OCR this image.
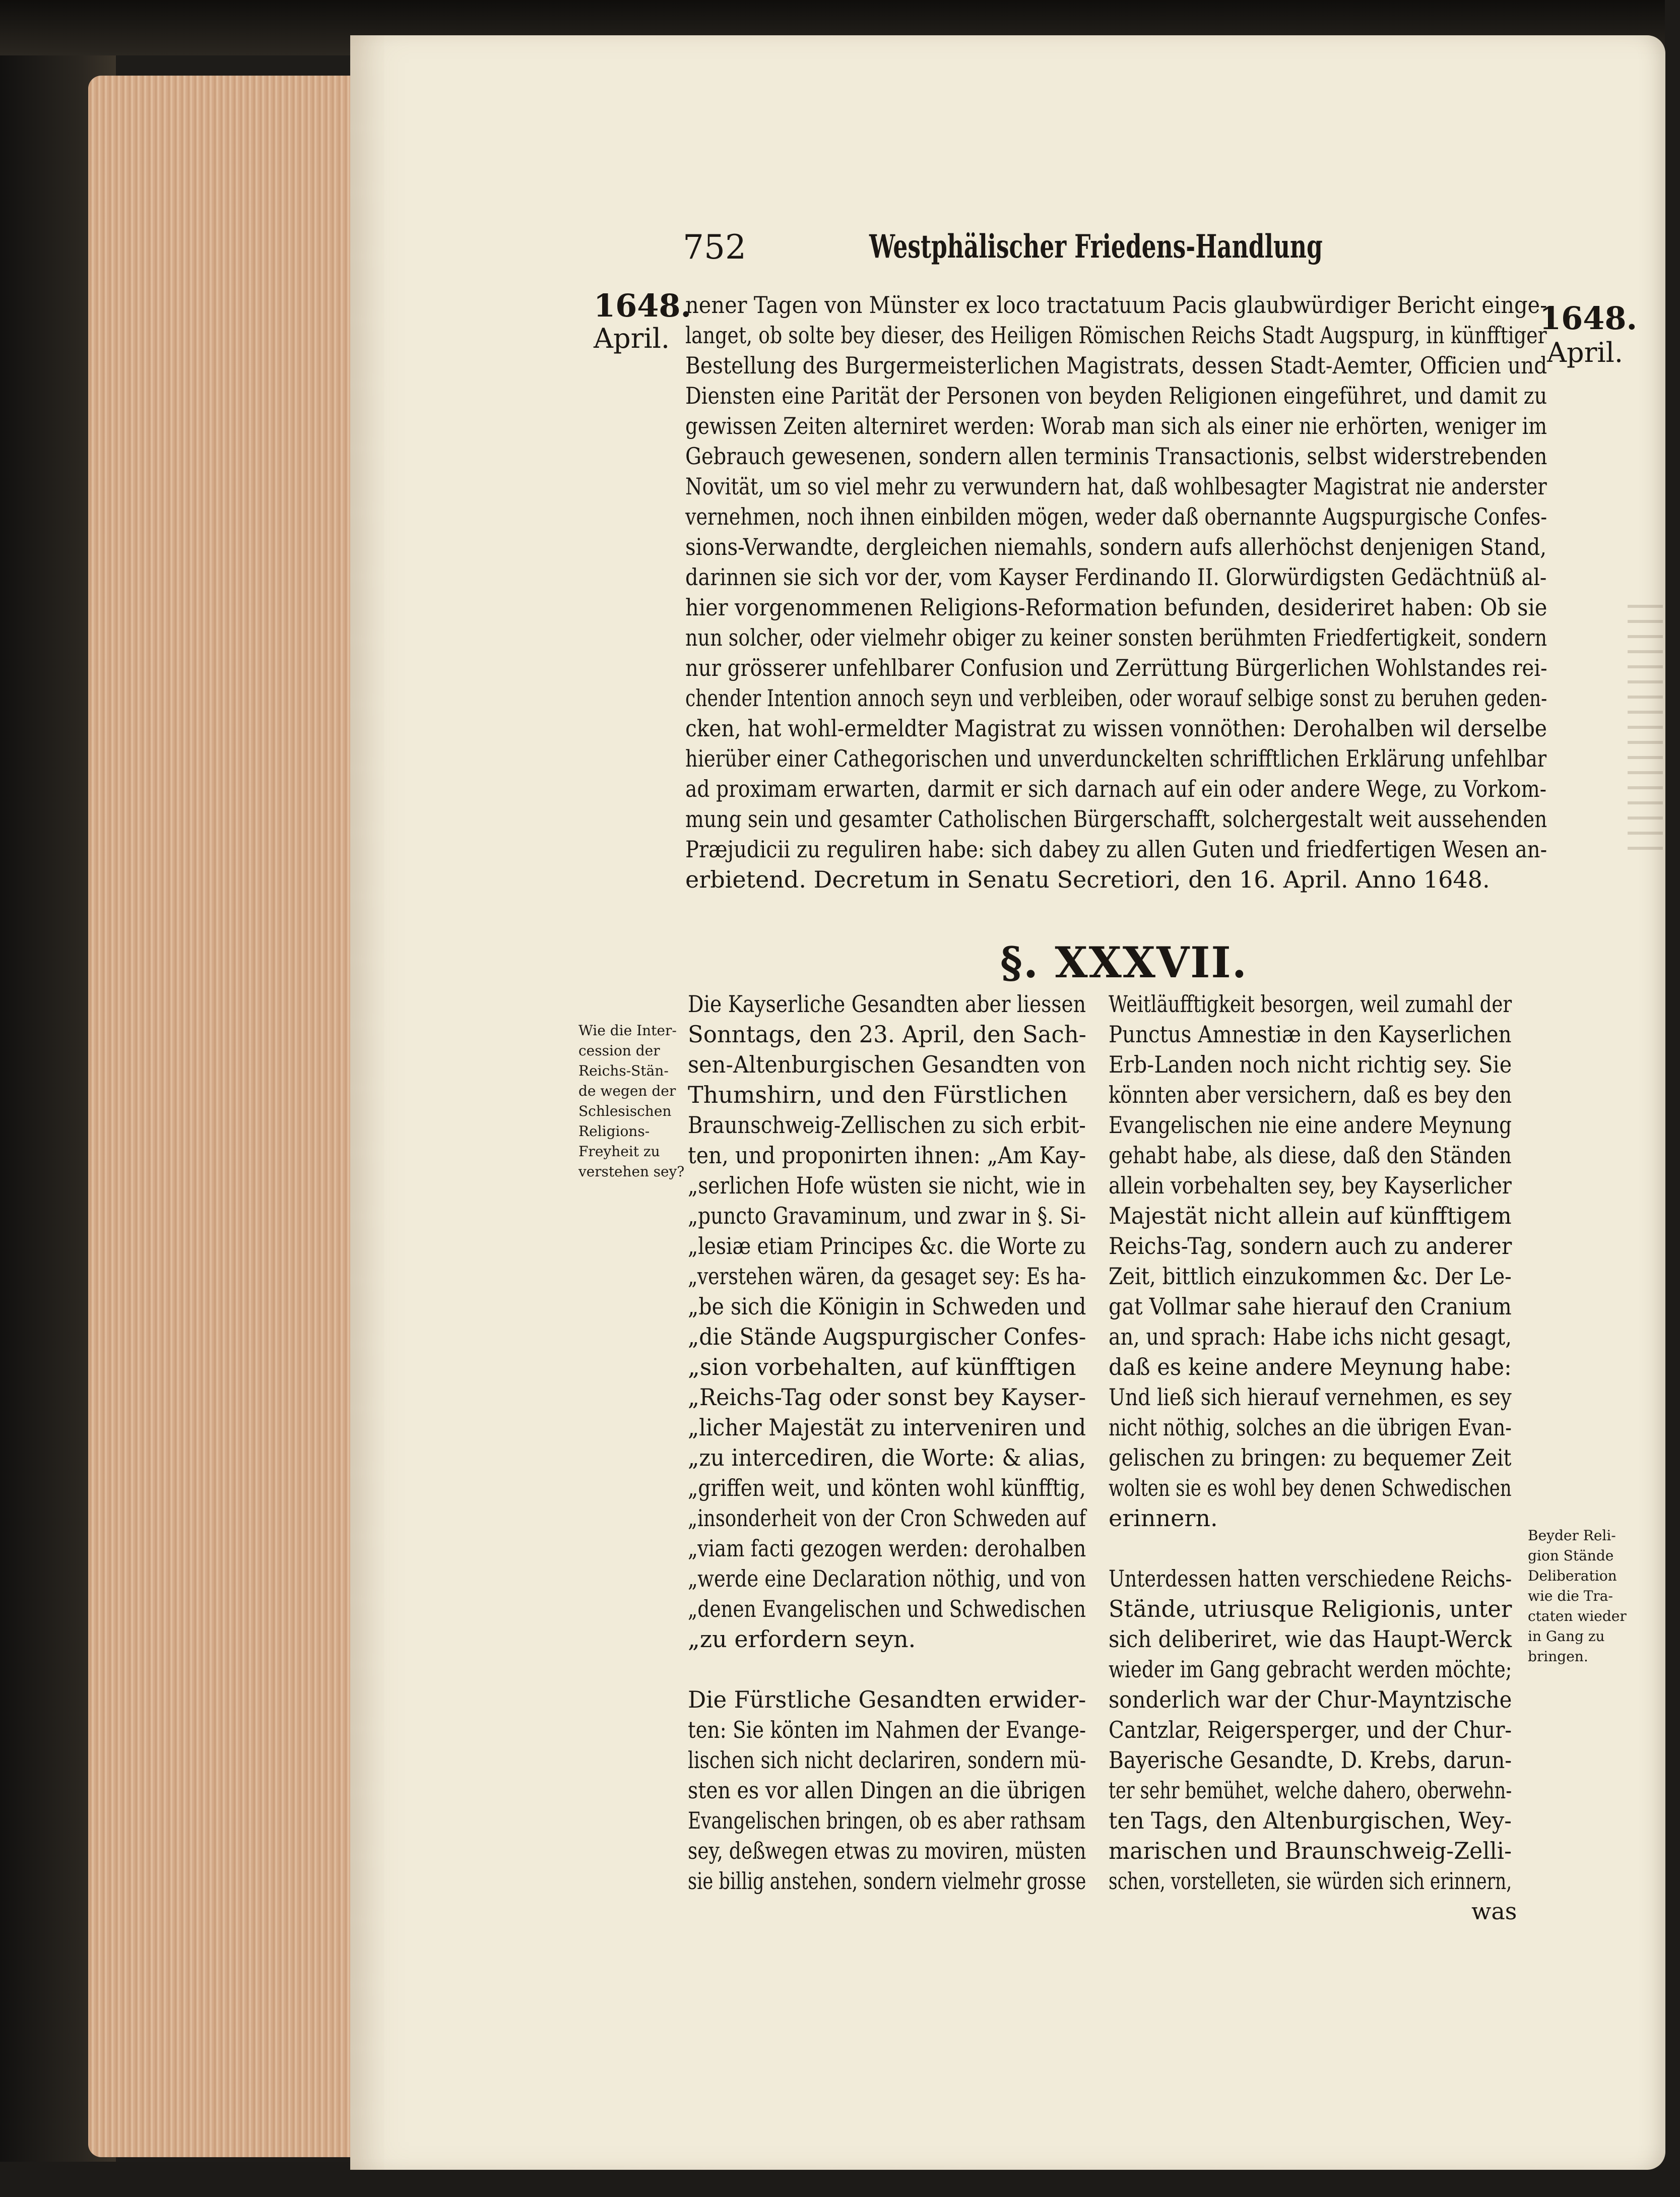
752	Westphälischer Friedens-Handlung
1648.
April.
1648.
April.
nener Tagen von Münster ex loco tractatuum Pacis glaubwürdiger Bericht einge-
langet, ob solte bey dieser, des Heiligen Römischen Reichs Stadt Augspurg, in künfftiger
Bestellung des Burgermeisterlichen Magistrats, dessen Stadt-Aemter, Officien und
Diensten eine Parität der Personen von beyden Religionen eingeführet, und damit zu
gewissen Zeiten alterniret werden: Worab man sich als einer nie erhörten, weniger im
Gebrauch gewesenen, sondern allen terminis Transactionis, selbst widerstrebenden
Novität, um so viel mehr zu verwundern hat, daß wohlbesagter Magistrat nie anderster
vernehmen, noch ihnen einbilden mögen, weder daß obernannte Augspurgische Confes-
sions-Verwandte, dergleichen niemahls, sondern aufs allerhöchst denjenigen Stand,
darinnen sie sich vor der, vom Kayser Ferdinando II. Glorwürdigsten Gedächtnüß al-
hier vorgenommenen Religions-Reformation befunden, desideriret haben: Ob sie
nun solcher, oder vielmehr obiger zu keiner sonsten berühmten Friedfertigkeit, sondern
nur grösserer unfehlbarer Confusion und Zerrüttung Bürgerlichen Wohlstandes rei-
chender Intention annoch seyn und verbleiben, oder worauf selbige sonst zu beruhen geden-
cken, hat wohl-ermeldter Magistrat zu wissen vonnöthen: Derohalben wil derselbe
hierüber einer Cathegorischen und unverdunckelten schrifftlichen Erklärung unfehlbar
ad proximam erwarten, darmit er sich darnach auf ein oder andere Wege, zu Vorkom-
mung sein und gesamter Catholischen Bürgerschafft, solchergestalt weit aussehenden
Præjudicii zu reguliren habe: sich dabey zu allen Guten und friedfertigen Wesen an-
erbietend. Decretum in Senatu Secretiori, den 16. April. Anno 1648.
§. XXXVII.
Wie die Inter-
cession der
Reichs-Stän-
de wegen der
Schlesischen
Religions-
Freyheit zu
verstehen sey?
Die Kayserliche Gesandten aber liessen
Sonntags, den 23. April, den Sach-
sen-Altenburgischen Gesandten von
Thumshirn, und den Fürstlichen
Braunschweig-Zellischen zu sich erbit-
ten, und proponirten ihnen: „Am Kay-
„serlichen Hofe wüsten sie nicht, wie in
„puncto Gravaminum, und zwar in §. Si-
„lesiæ etiam Principes &c. die Worte zu
„verstehen wären, da gesaget sey: Es ha-
„be sich die Königin in Schweden und
„die Stände Augspurgischer Confes-
„sion vorbehalten, auf künfftigen
„Reichs-Tag oder sonst bey Kayser-
„licher Majestät zu interveniren und
„zu intercediren, die Worte: & alias,
„griffen weit, und könten wohl künfftig,
„insonderheit von der Cron Schweden auf
„viam facti gezogen werden: derohalben
„werde eine Declaration nöthig, und von
„denen Evangelischen und Schwedischen
„zu erfordern seyn.
Die Fürstliche Gesandten erwider-
ten: Sie könten im Nahmen der Evange-
lischen sich nicht declariren, sondern mü-
sten es vor allen Dingen an die übrigen
Evangelischen bringen, ob es aber rathsam
sey, deßwegen etwas zu moviren, müsten
sie billig anstehen, sondern vielmehr grosse
Weitläufftigkeit besorgen, weil zumahl der
Punctus Amnestiæ in den Kayserlichen
Erb-Landen noch nicht richtig sey. Sie
könnten aber versichern, daß es bey den
Evangelischen nie eine andere Meynung
gehabt habe, als diese, daß den Ständen
allein vorbehalten sey, bey Kayserlicher
Majestät nicht allein auf künfftigem
Reichs-Tag, sondern auch zu anderer
Zeit, bittlich einzukommen &c. Der Le-
gat Vollmar sahe hierauf den Cranium
an, und sprach: Habe ichs nicht gesagt,
daß es keine andere Meynung habe:
Und ließ sich hierauf vernehmen, es sey
nicht nöthig, solches an die übrigen Evan-
gelischen zu bringen: zu bequemer Zeit
wolten sie es wohl bey denen Schwedischen
erinnern.
Unterdessen hatten verschiedene Reichs-
Stände, utriusque Religionis, unter
sich deliberiret, wie das Haupt-Werck
wieder im Gang gebracht werden möchte;
sonderlich war der Chur-Mayntzische
Cantzlar, Reigersperger, und der Chur-
Bayerische Gesandte, D. Krebs, darun-
ter sehr bemühet, welche dahero, oberwehn-
ten Tags, den Altenburgischen, Wey-
marischen und Braunschweig-Zelli-
schen, vorstelleten, sie würden sich erinnern,
was
Beyder Reli-
gion Stände
Deliberation
wie die Tra-
ctaten wieder
in Gang zu
bringen.
